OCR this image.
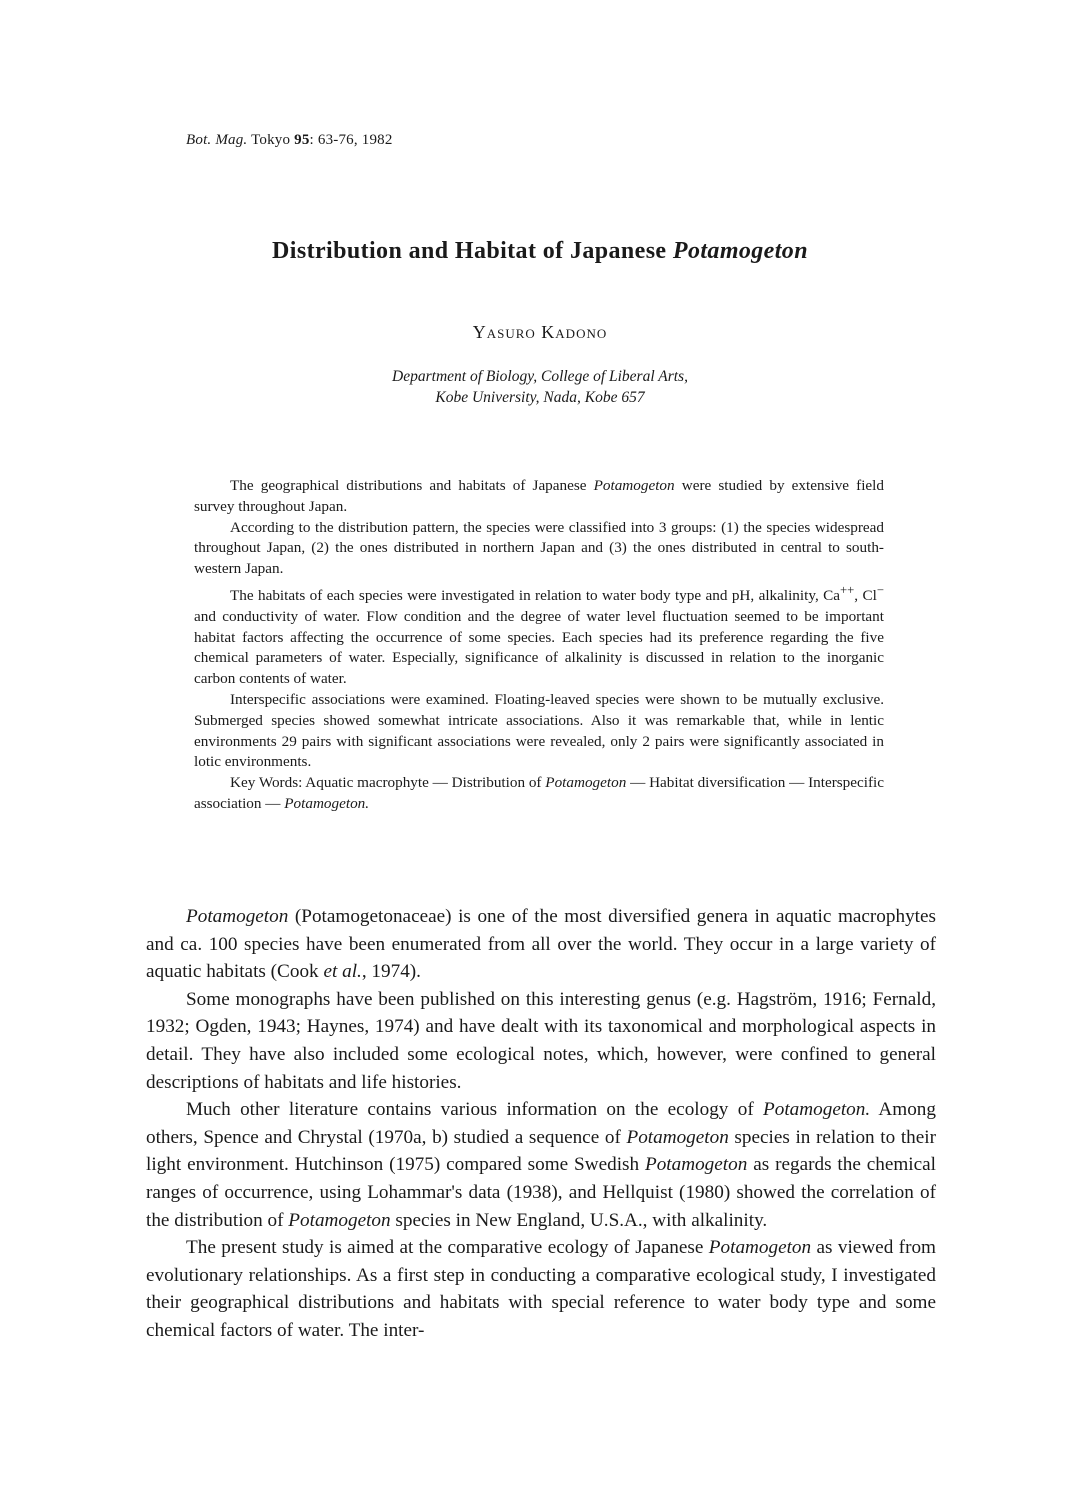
Bot. Mag. Tokyo 95: 63-76, 1982
Distribution and Habitat of Japanese Potamogeton
Yasuro Kadono
Department of Biology, College of Liberal Arts,
Kobe University, Nada, Kobe 657

The geographical distributions and habitats of Japanese Potamogeton were studied by extensive field survey throughout Japan.

According to the distribution pattern, the species were classified into 3 groups: (1) the species widespread throughout Japan, (2) the ones distributed in northern Japan and (3) the ones distributed in central to south-western Japan.

The habitats of each species were investigated in relation to water body type and pH, alkalinity, Ca++, Cl− and conductivity of water. Flow condition and the degree of water level fluctuation seemed to be important habitat factors affecting the occurrence of some species. Each species had its preference regarding the five chemical parameters of water. Especially, significance of alkalinity is discussed in relation to the inorganic carbon contents of water.

Interspecific associations were examined. Floating-leaved species were shown to be mutually exclusive. Submerged species showed somewhat intricate associations. Also it was remarkable that, while in lentic environments 29 pairs with significant associations were revealed, only 2 pairs were significantly associated in lotic environments.

Key Words: Aquatic macrophyte — Distribution of Potamogeton — Habitat diversification — Interspecific association — Potamogeton.

Potamogeton (Potamogetonaceae) is one of the most diversified genera in aquatic macrophytes and ca. 100 species have been enumerated from all over the world. They occur in a large variety of aquatic habitats (Cook et al., 1974).

Some monographs have been published on this interesting genus (e.g. Hagström, 1916; Fernald, 1932; Ogden, 1943; Haynes, 1974) and have dealt with its taxonomical and morphological aspects in detail. They have also included some ecological notes, which, however, were confined to general descriptions of habitats and life histories.

Much other literature contains various information on the ecology of Potamogeton. Among others, Spence and Chrystal (1970a, b) studied a sequence of Potamogeton species in relation to their light environment. Hutchinson (1975) compared some Swedish Potamogeton as regards the chemical ranges of occurrence, using Lohammar's data (1938), and Hellquist (1980) showed the correlation of the distribution of Potamogeton species in New England, U.S.A., with alkalinity.

The present study is aimed at the comparative ecology of Japanese Potamogeton as viewed from evolutionary relationships. As a first step in conducting a comparative ecological study, I investigated their geographical distributions and habitats with special reference to water body type and some chemical factors of water. The inter-
